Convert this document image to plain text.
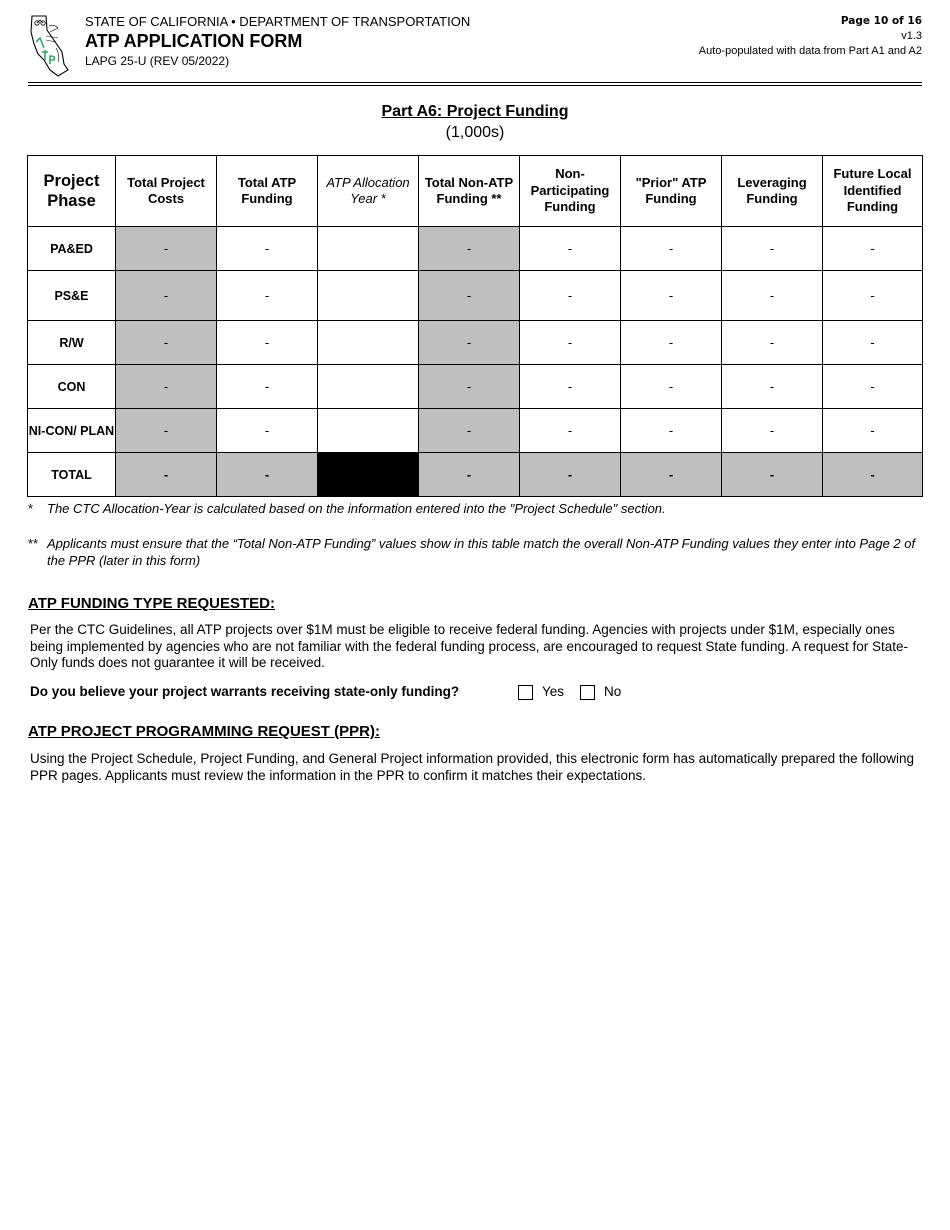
STATE OF CALIFORNIA • DEPARTMENT OF TRANSPORTATION
ATP APPLICATION FORM
LAPG 25-U (REV 05/2022)
Page 10 of 16
v1.3
Auto-populated with data from Part A1 and A2
Part A6: Project Funding
(1,000s)
Project Phase	Total Project Costs	Total ATP Funding	ATP Allocation Year *	Total Non-ATP Funding **	Non-Participating Funding	"Prior" ATP Funding	Leveraging Funding	Future Local Identified Funding
PA&ED	-	-		-	-	-	-	-
PS&E	-	-		-	-	-	-	-
R/W	-	-		-	-	-	-	-
CON	-	-		-	-	-	-	-
NI-CON/ PLAN	-	-		-	-	-	-	-
TOTAL	-	-		-	-	-	-	-
*	The CTC Allocation-Year is calculated based on the information entered into the "Project Schedule" section.
** Applicants must ensure that the “Total Non-ATP Funding” values show in this table match the overall Non-ATP Funding values they enter into Page 2 of the PPR (later in this form)
ATP FUNDING TYPE REQUESTED:
Per the CTC Guidelines, all ATP projects over $1M must be eligible to receive federal funding. Agencies with projects under $1M, especially ones being implemented by agencies who are not familiar with the federal funding process, are encouraged to request State funding. A request for State-Only funds does not guarantee it will be received.
Do you believe your project warrants receiving state-only funding?	Yes	No
ATP PROJECT PROGRAMMING REQUEST (PPR):
Using the Project Schedule, Project Funding, and General Project information provided, this electronic form has automatically prepared the following PPR pages. Applicants must review the information in the PPR to confirm it matches their expectations.
